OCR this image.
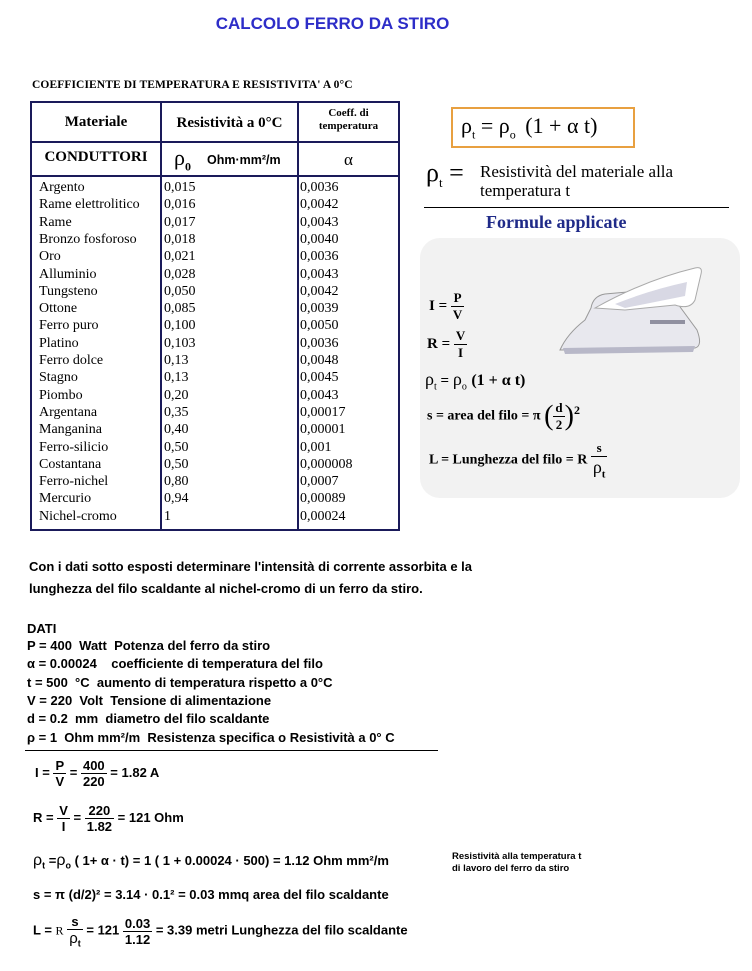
CALCOLO FERRO DA STIRO
COEFFICIENTE DI TEMPERATURA E RESISTIVITA' A 0°C
Materiale	Resistività a 0°C
Coeff. di
temperatura
CONDUTTORI	$\rho_0$ Ohm·mm²/m	α
Argento	0,015	0,0036
Rame elettrolitico 0,016	0,0042
Rame	0,017	0,0043
Bronzo fosforoso 0,018	0,0040
Oro	0,021	0,0036
Alluminio	0,028	0,0043
Tungsteno	0,050	0,0042
Ottone	0,085	0,0039
Ferro puro	0,100	0,0050
Platino	0,103	0,0036
Ferro dolce	0,13	0,0048
Stagno	0,13	0,0045
Piombo	0,20	0,0043
Argentana	0,35	0,00017
Manganina	0,40	0,00001
Ferro-silicio	0,50	0,001
Costantana	0,50	0,000008
Ferro-nichel	0,80	0,0007
Mercurio	0,94	0,00089
Nichel-cromo	1	0,00024
$\rho_t = \rho_o$ (1 + α t)
$\rho_t$ = Resistività del materiale alla
temperatura t
Formule applicate
$I = \frac{P}{V}$
$R = \frac{V}{I}$
$\rho_t = \rho_o$ (1 + α t)
s = area del filo = π ( $\frac{d}{2} )^2$
L = Lunghezza del filo = R $\frac{s}{\rho_t}$
Con i dati sotto esposti determinare l'intensità di corrente assorbita e la
lunghezza del filo scaldante al nichel-cromo di un ferro da stiro.
DATI
P = 400  Watt  Potenza del ferro da stiro
α = 0.00024    coefficiente di temperatura del filo
t = 500  °C  aumento di temperatura rispetto a 0°C
V = 220  Volt  Tensione di alimentazione
d = 0.2  mm  diametro del filo scaldante
ρ = 1  Ohm mm²/m  Resistenza specifica o Resistività a 0° C
$I = \frac{P}{V} = \frac{400}{220} = 1.82$ A
$R = \frac{V}{I} = \frac{220}{1.82} = 121$ Ohm
$\rho_t =\rho_o$ ( 1+ α · t) = 1 ( 1 + 0.00024 · 500) = 1.12 Ohm mm²/m	Resistività alla temperatura t
di lavoro del ferro da stiro
s = π (d/2)² = 3.14 · 0.1² = 0.03 mmq area del filo scaldante
L = R $\frac{s}{\rho_t} = 121 \frac{0.03}{1.12} = 3.39$ metri Lunghezza del filo scaldante
